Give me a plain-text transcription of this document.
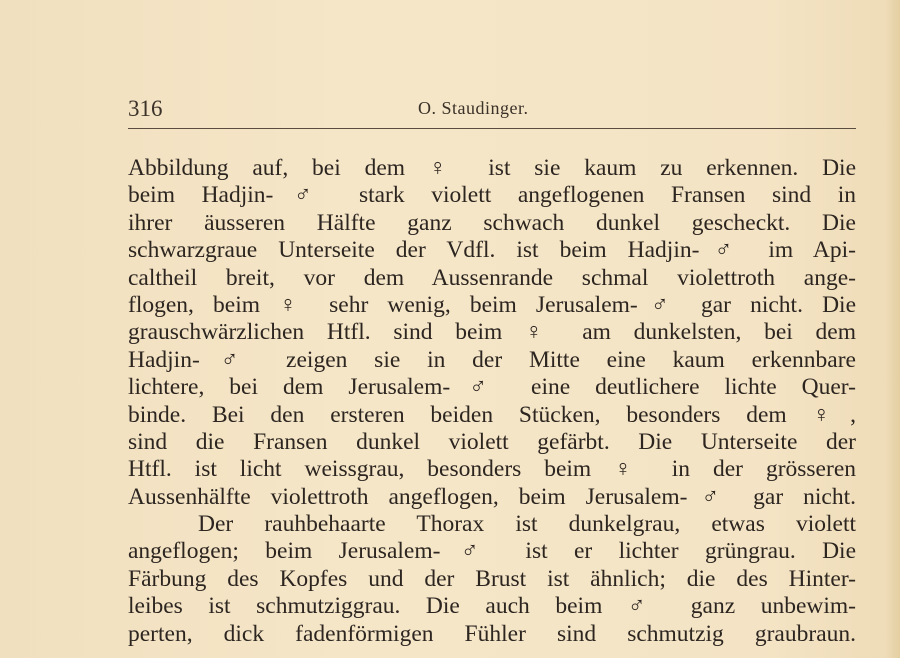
316	O. Staudinger.
Abbildung auf, bei dem ♀ ist sie kaum zu erkennen. Die
beim Hadjin-♂ stark violett angeflogenen Fransen sind in
ihrer äusseren Hälfte ganz schwach dunkel gescheckt. Die
schwarzgraue Unterseite der Vdfl. ist beim Hadjin-♂ im Api-
caltheil breit, vor dem Aussenrande schmal violettroth ange-
flogen, beim ♀ sehr wenig, beim Jerusalem-♂ gar nicht. Die
grauschwärzlichen Htfl. sind beim ♀ am dunkelsten, bei dem
Hadjin-♂ zeigen sie in der Mitte eine kaum erkennbare
lichtere, bei dem Jerusalem-♂ eine deutlichere lichte Quer-
binde. Bei den ersteren beiden Stücken, besonders dem ♀,
sind die Fransen dunkel violett gefärbt. Die Unterseite der
Htfl. ist licht weissgrau, besonders beim ♀ in der grösseren
Aussenhälfte violettroth angeflogen, beim Jerusalem-♂ gar nicht.
Der rauhbehaarte Thorax ist dunkelgrau, etwas violett
angeflogen; beim Jerusalem-♂ ist er lichter grüngrau. Die
Färbung des Kopfes und der Brust ist ähnlich; die des Hinter-
leibes ist schmutziggrau. Die auch beim ♂ ganz unbewim-
perten, dick fadenförmigen Fühler sind schmutzig graubraun.
